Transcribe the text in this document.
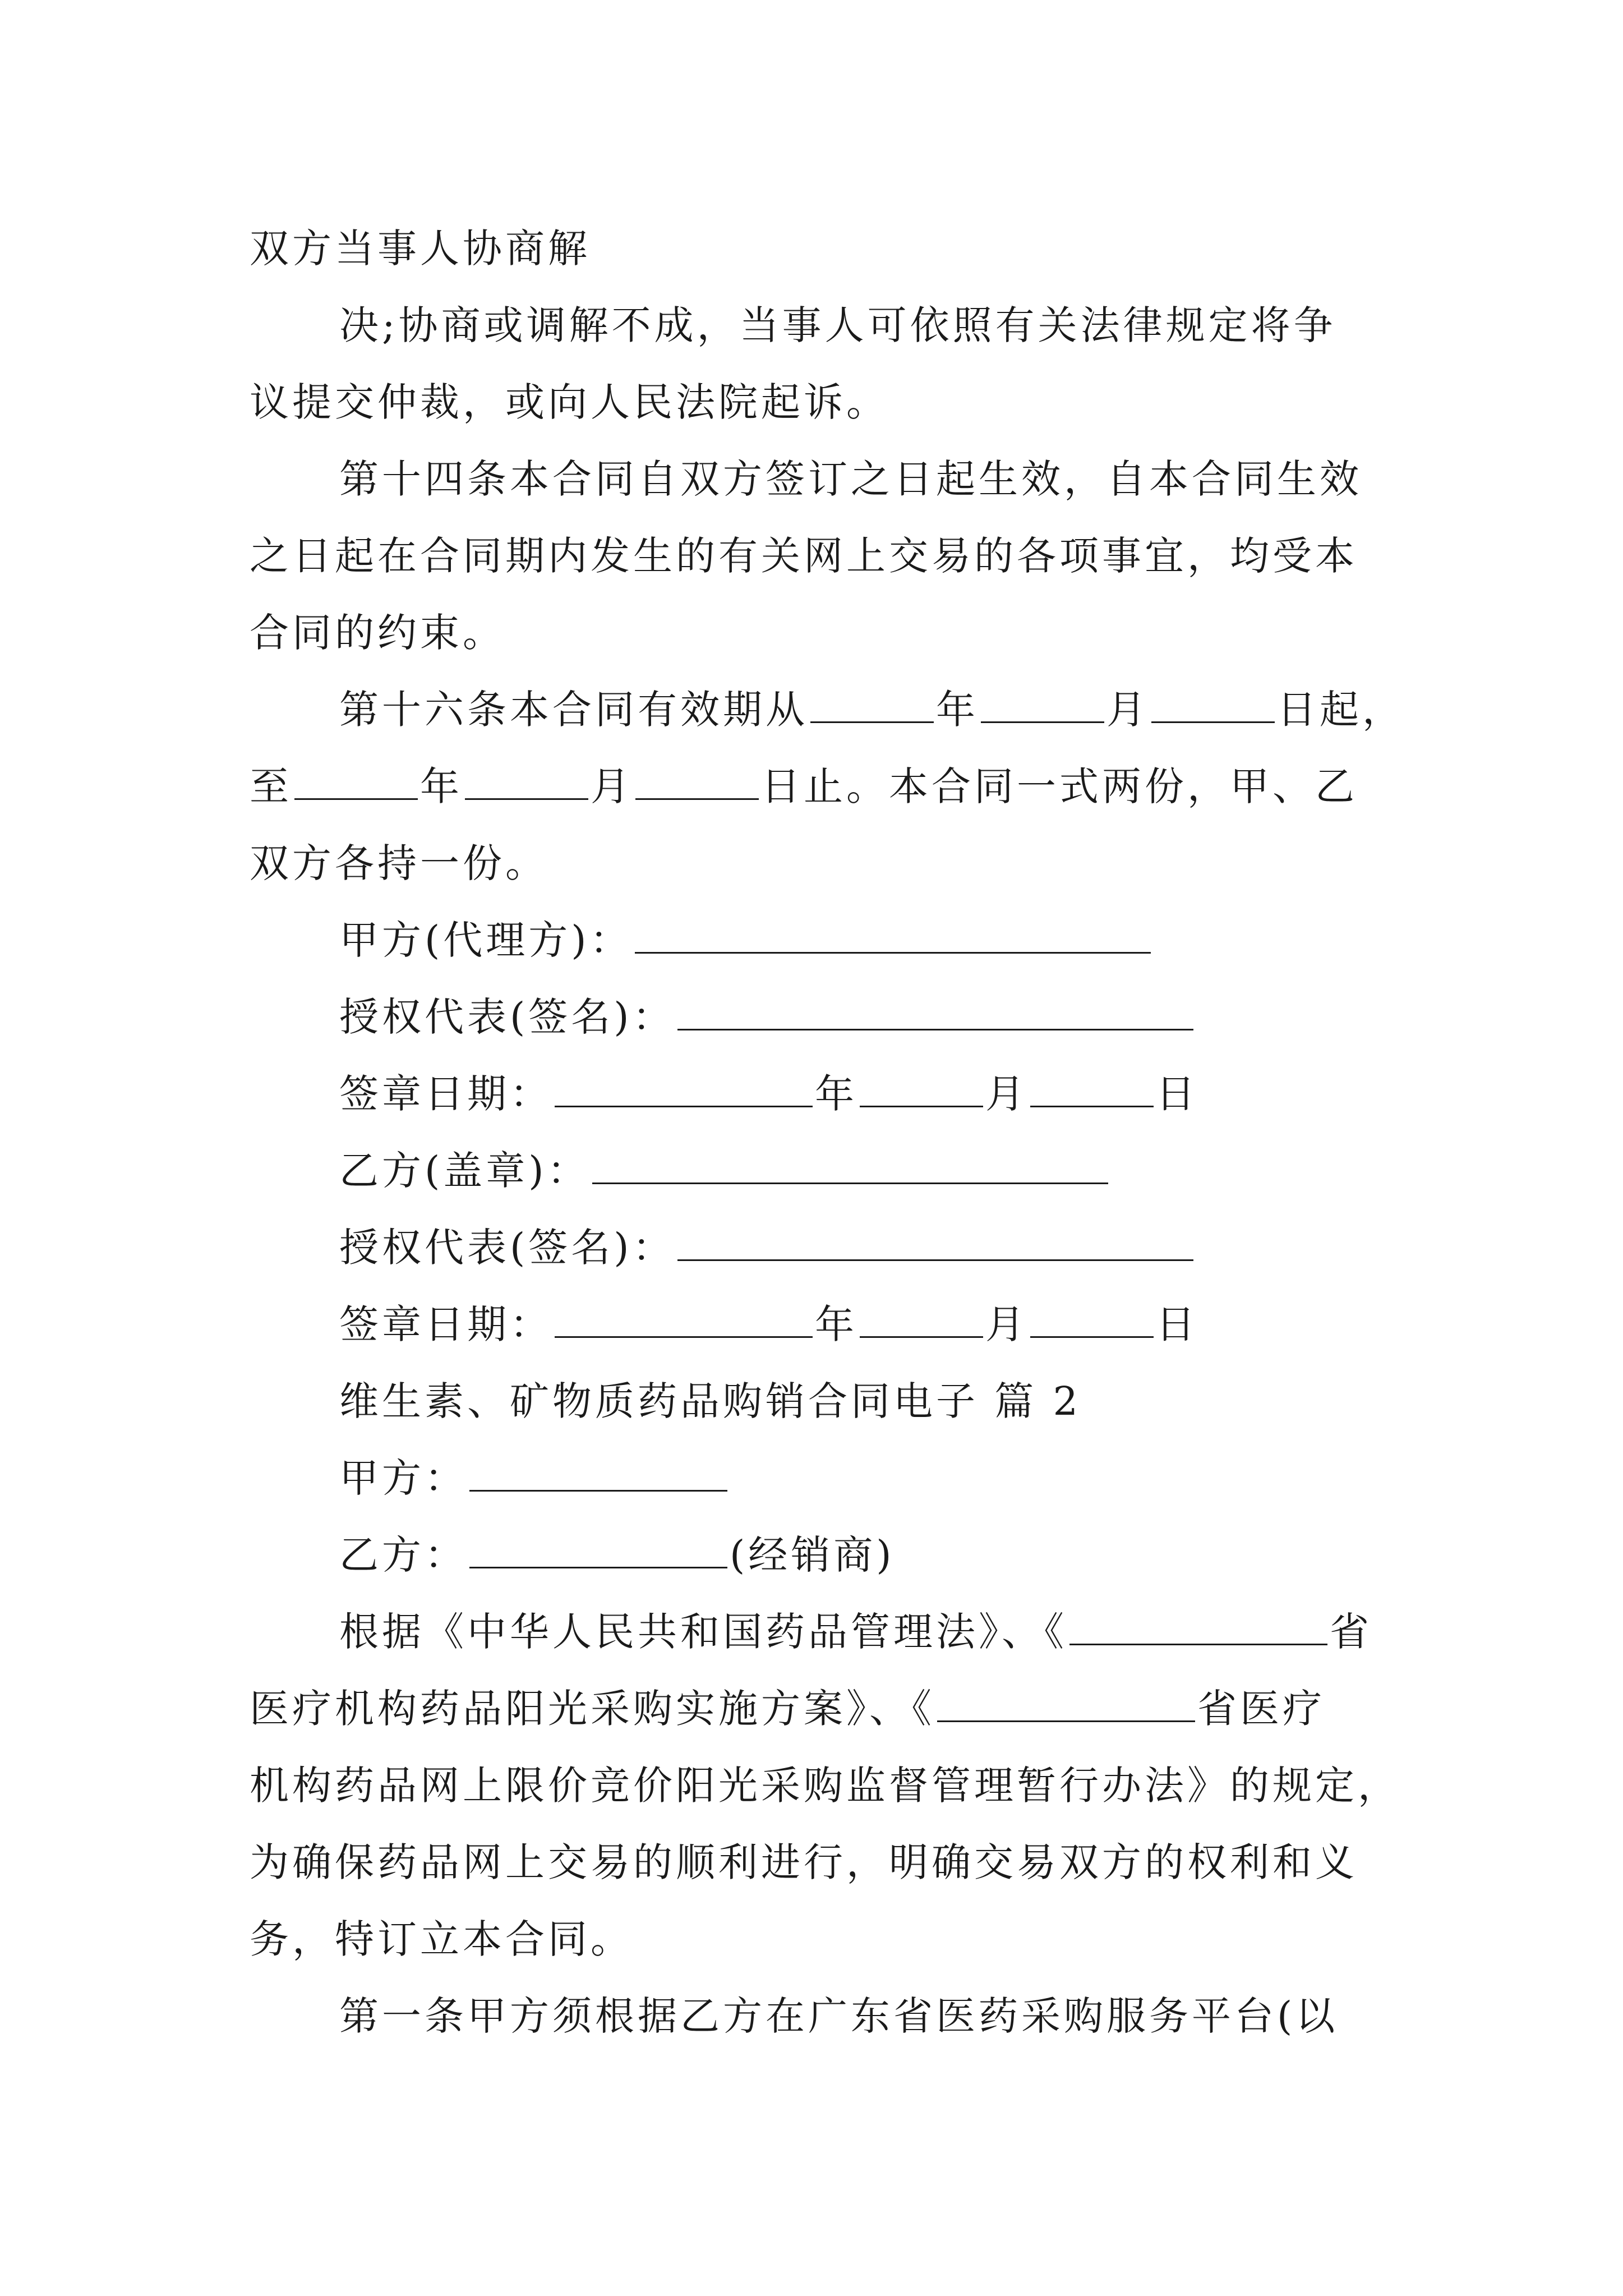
双方当事人协商解
决;协商或调解不成，当事人可依照有关法律规定将争
议提交仲裁，或向人民法院起诉。
第十四条本合同自双方签订之日起生效，自本合同生效
之日起在合同期内发生的有关网上交易的各项事宜，均受本
合同的约束。
第十六条本合同有效期从	年	月	日起，
至	年	月	日止。本合同一式两份，甲、乙
双方各持一份。
甲方(代理方)：
授权代表(签名)：
签章日期：	年	月	日
乙方(盖章)：
授权代表(签名)：
签章日期：	年	月	日
维生素、矿物质药品购销合同电子 篇 2
甲方：
乙方：	(经销商)
根据《中华人民共和国药品管理法》、《	省
医疗机构药品阳光采购实施方案》、《	省医疗
机构药品网上限价竞价阳光采购监督管理暂行办法》的规定，
为确保药品网上交易的顺利进行，明确交易双方的权利和义
务，特订立本合同。
第一条甲方须根据乙方在广东省医药采购服务平台(以
